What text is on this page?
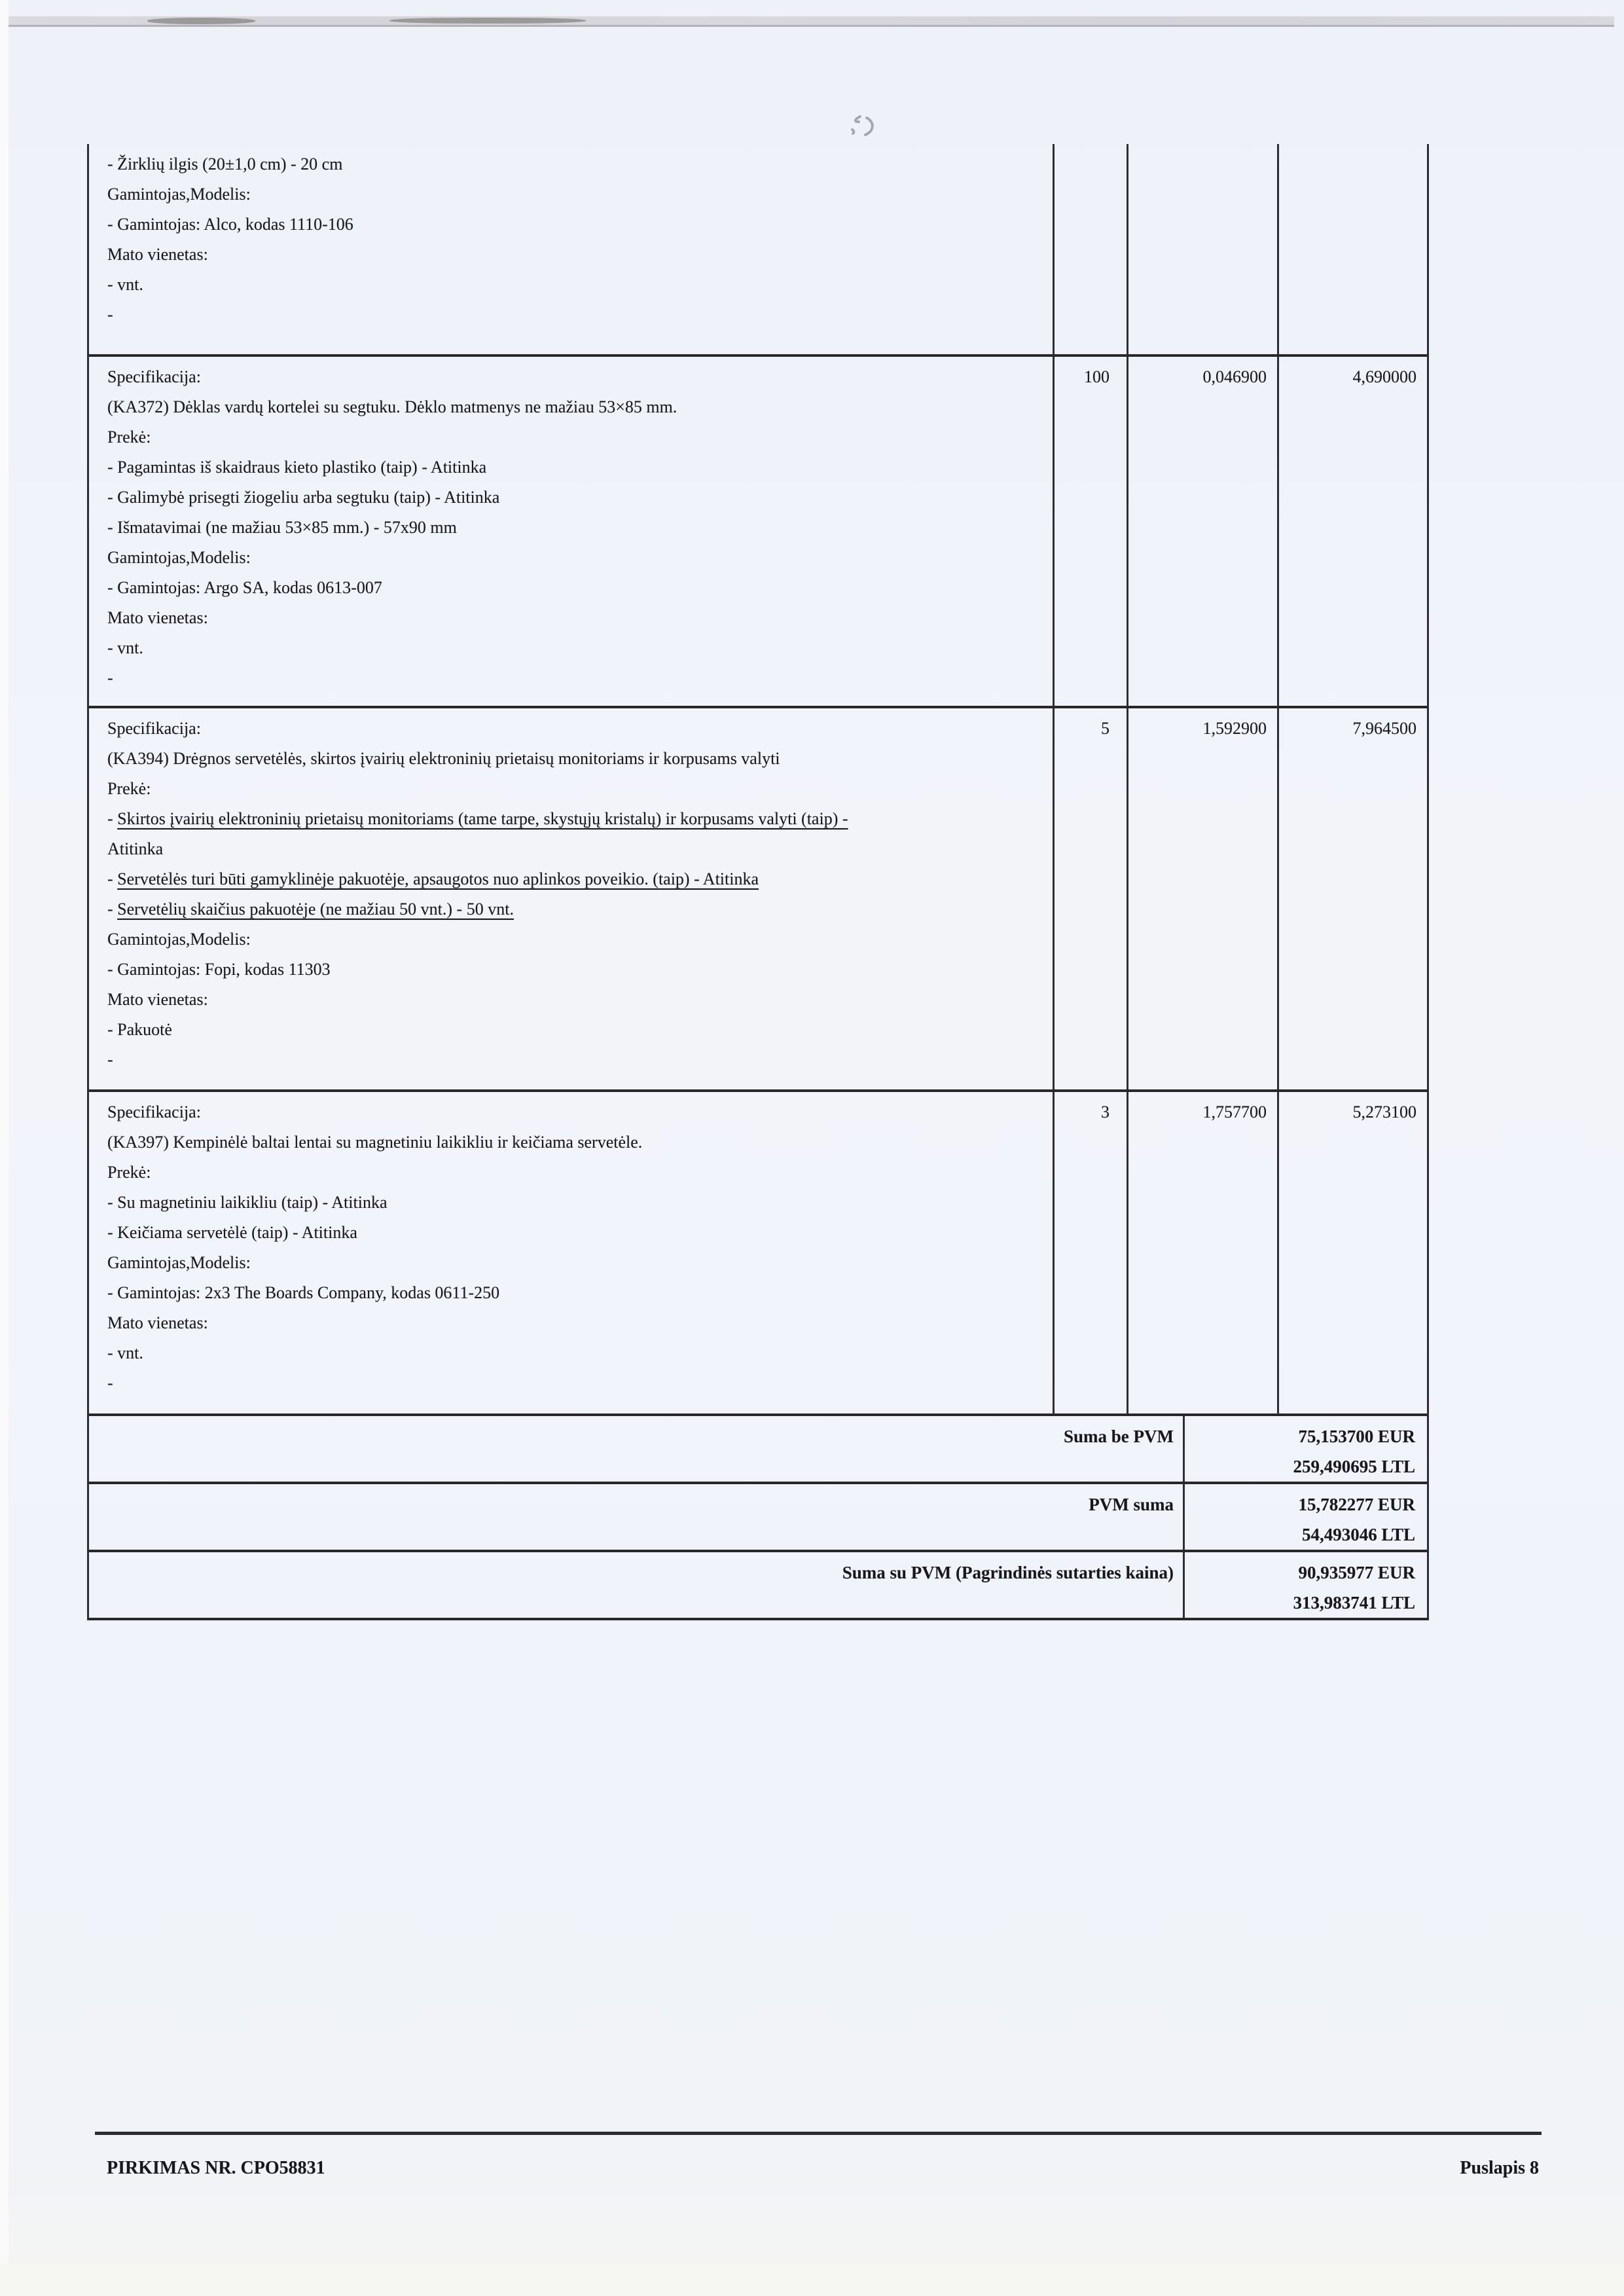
- Žirklių ilgis (20±1,0 cm) - 20 cm
Gamintojas,Modelis:
- Gamintojas: Alco, kodas 1110-106
Mato vienetas:
- vnt.
-
Specifikacija:
(KA372) Dėklas vardų kortelei su segtuku. Dėklo matmenys ne mažiau 53×85 mm.
Prekė:
- Pagamintas iš skaidraus kieto plastiko (taip) - Atitinka
- Galimybė prisegti žiogeliu arba segtuku (taip) - Atitinka
- Išmatavimai (ne mažiau 53×85 mm.) - 57x90 mm
Gamintojas,Modelis:
- Gamintojas: Argo SA, kodas 0613-007
Mato vienetas:
- vnt.
-
100	0,046900	4,690000
Specifikacija:
(KA394) Drėgnos servetėlės, skirtos įvairių elektroninių prietaisų monitoriams ir korpusams valyti
Prekė:
- Skirtos įvairių elektroninių prietaisų monitoriams (tame tarpe, skystųjų kristalų) ir korpusams valyti (taip) -
Atitinka
- Servetėlės turi būti gamyklinėje pakuotėje, apsaugotos nuo aplinkos poveikio. (taip) - Atitinka
- Servetėlių skaičius pakuotėje (ne mažiau 50 vnt.) - 50 vnt.
Gamintojas,Modelis:
- Gamintojas: Fopi, kodas 11303
Mato vienetas:
- Pakuotė
-
5	1,592900	7,964500
Specifikacija:
(KA397) Kempinėlė baltai lentai su magnetiniu laikikliu ir keičiama servetėle.
Prekė:
- Su magnetiniu laikikliu (taip) - Atitinka
- Keičiama servetėlė (taip) - Atitinka
Gamintojas,Modelis:
- Gamintojas: 2x3 The Boards Company, kodas 0611-250
Mato vienetas:
- vnt.
-
3	1,757700	5,273100
Suma be PVM	75,153700 EUR
259,490695 LTL
PVM suma	15,782277 EUR
54,493046 LTL
Suma su PVM (Pagrindinės sutarties kaina)	90,935977 EUR
313,983741 LTL
PIRKIMAS NR. CPO58831	Puslapis 8
